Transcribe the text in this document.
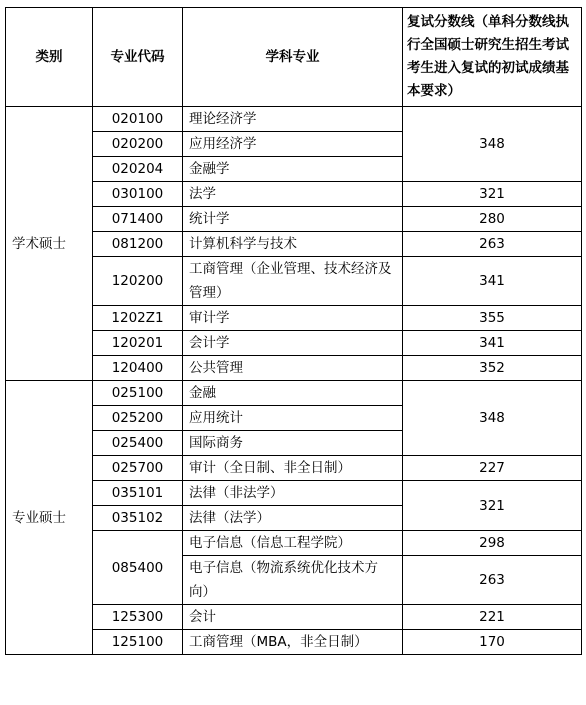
类别	专业代码	学科专业	复试分数线（单科分数线执行全国硕士研究生招生考试考生进入复试的初试成绩基本要求）
学术硕士	020100	理论经济学	348
	020200	应用经济学	
	020204	金融学	
	030100	法学	321
	071400	统计学	280
	081200	计算机科学与技术	263
	120200	工商管理（企业管理、技术经济及管理）	341

	1202Z1	审计学	355
	120201	会计学	341
	120400	公共管理	352
专业硕士	025100	金融	348
	025200	应用统计	
	025400	国际商务	
	025700	审计（全日制、非全日制）	227
	035101	法律（非法学）	321
	035102	法律（法学）	
	085400	电子信息（信息工程学院）	298

		电子信息（物流系统优化技术方向）	263

	125300	会计	221
	125100	工商管理（MBA，非全日制）	170
